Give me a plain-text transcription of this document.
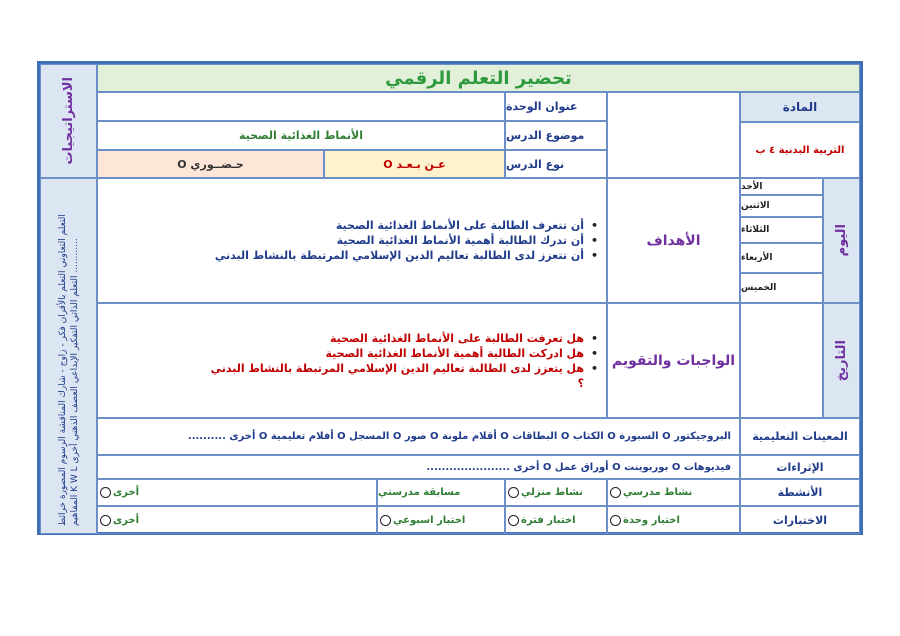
تحضير التعلم الرقمي
الاستراتيجيات
التعلم التعاوني التعلم بالأقران فكر - زاوج - شارك المناقشة الرسوم المصورة خرائط المفاهيم K W L التعلم الذاتي التفكير الإبداعي العصف الذهني أخرى ............
المادة
التربية البدنية ٤ ب
عنوان الوحدة
موضوع الدرس
نوع الدرس
الأنماط الغذائية الصحية
عـن بـعـد O
حـضــوري O
اليوم
الأحد
الاثنين
الثلاثاء
الأربعاء
الخميس
التاريخ
الأهداف
• أن تتعرف الطالبة على الأنماط الغذائية الصحية
• أن تدرك الطالبة أهمية الأنماط الغذائية الصحية
• أن تتعزز لدى الطالبة تعاليم الدين الإسلامي المرتبطة بالنشاط البدني
الواجبات والتقويم
• هل تعرفت الطالبة على الأنماط الغذائية الصحية
• هل ادركت الطالبة أهمية الأنماط الغذائية الصحية
• هل يتعزز لدى الطالبة تعاليم الدين الإسلامي المرتبطة بالنشاط البدني ؟
المعينات التعليمية
البروجيكتور O السبورة O الكتاب O البطاقات O أقلام ملونة O صور O المسجل O أفلام تعليمية O أخرى ..........
الإثراءات
فيديوهات O بوربوينت O أوراق عمل O أخرى ......................
الأنشطة
نشاط مدرسي
نشاط منزلي
مسابقة مدرستي
أخرى
الاختبارات
اختبار وحدة
اختبار فترة
اختبار اسبوعي
أخرى
